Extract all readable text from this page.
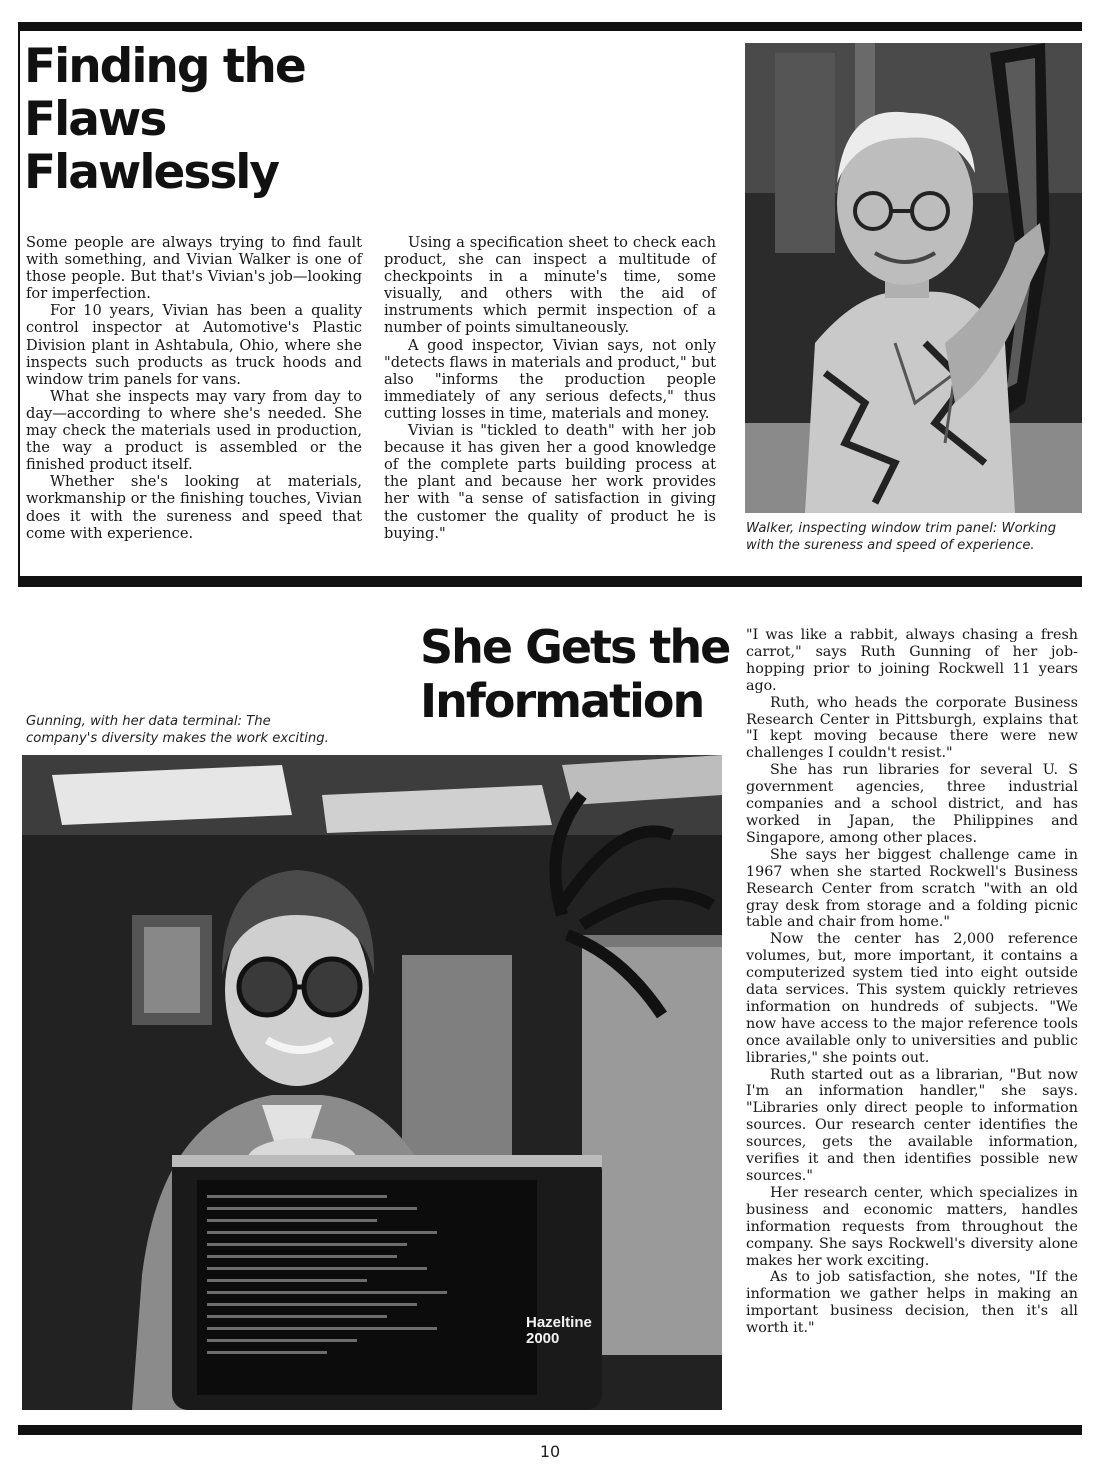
Finding the
Flaws
Flawlessly

Some people are always trying to find fault with something, and Vivian Walker is one of those people. But that's Vivian's job—looking for imperfection.

For 10 years, Vivian has been a quality control inspector at Automotive's Plastic Division plant in Ashtabula, Ohio, where she inspects such products as truck hoods and window trim panels for vans.

What she inspects may vary from day to day—according to where she's needed. She may check the materials used in production, the way a product is assembled or the finished product itself.

Whether she's looking at materials, workmanship or the finishing touches, Vivian does it with the sureness and speed that come with experience.

Using a specification sheet to check each product, she can inspect a multitude of checkpoints in a minute's time, some visually, and others with the aid of instruments which permit inspection of a number of points simultaneously.

A good inspector, Vivian says, not only "detects flaws in materials and product," but also "informs the production people immediately of any serious defects," thus cutting losses in time, materials and money.

Vivian is "tickled to death" with her job because it has given her a good knowledge of the complete parts building process at the plant and because her work provides her with "a sense of satisfaction in giving the customer the quality of product he is buying."	Walker, inspecting window trim panel: Working with the sureness and speed of experience.

She Gets the
Information

Gunning, with her data terminal: The company's diversity makes the work exciting.

Hazeltine
2000

"I was like a rabbit, always chasing a fresh carrot," says Ruth Gunning of her job-hopping prior to joining Rockwell 11 years ago.

Ruth, who heads the corporate Business Research Center in Pittsburgh, explains that "I kept moving because there were new challenges I couldn't resist."

She has run libraries for several U. S government agencies, three industrial companies and a school district, and has worked in Japan, the Philippines and Singapore, among other places.

She says her biggest challenge came in 1967 when she started Rockwell's Business Research Center from scratch "with an old gray desk from storage and a folding picnic table and chair from home."

Now the center has 2,000 reference volumes, but, more important, it contains a computerized system tied into eight outside data services. This system quickly retrieves information on hundreds of subjects. "We now have access to the major reference tools once available only to universities and public libraries," she points out.

Ruth started out as a librarian, "But now I'm an information handler," she says. "Libraries only direct people to information sources. Our research center identifies the sources, gets the available information, verifies it and then identifies possible new sources."

Her research center, which specializes in business and economic matters, handles information requests from throughout the company. She says Rockwell's diversity alone makes her work exciting.

As to job satisfaction, she notes, "If the information we gather helps in making an important business decision, then it's all worth it."

10
